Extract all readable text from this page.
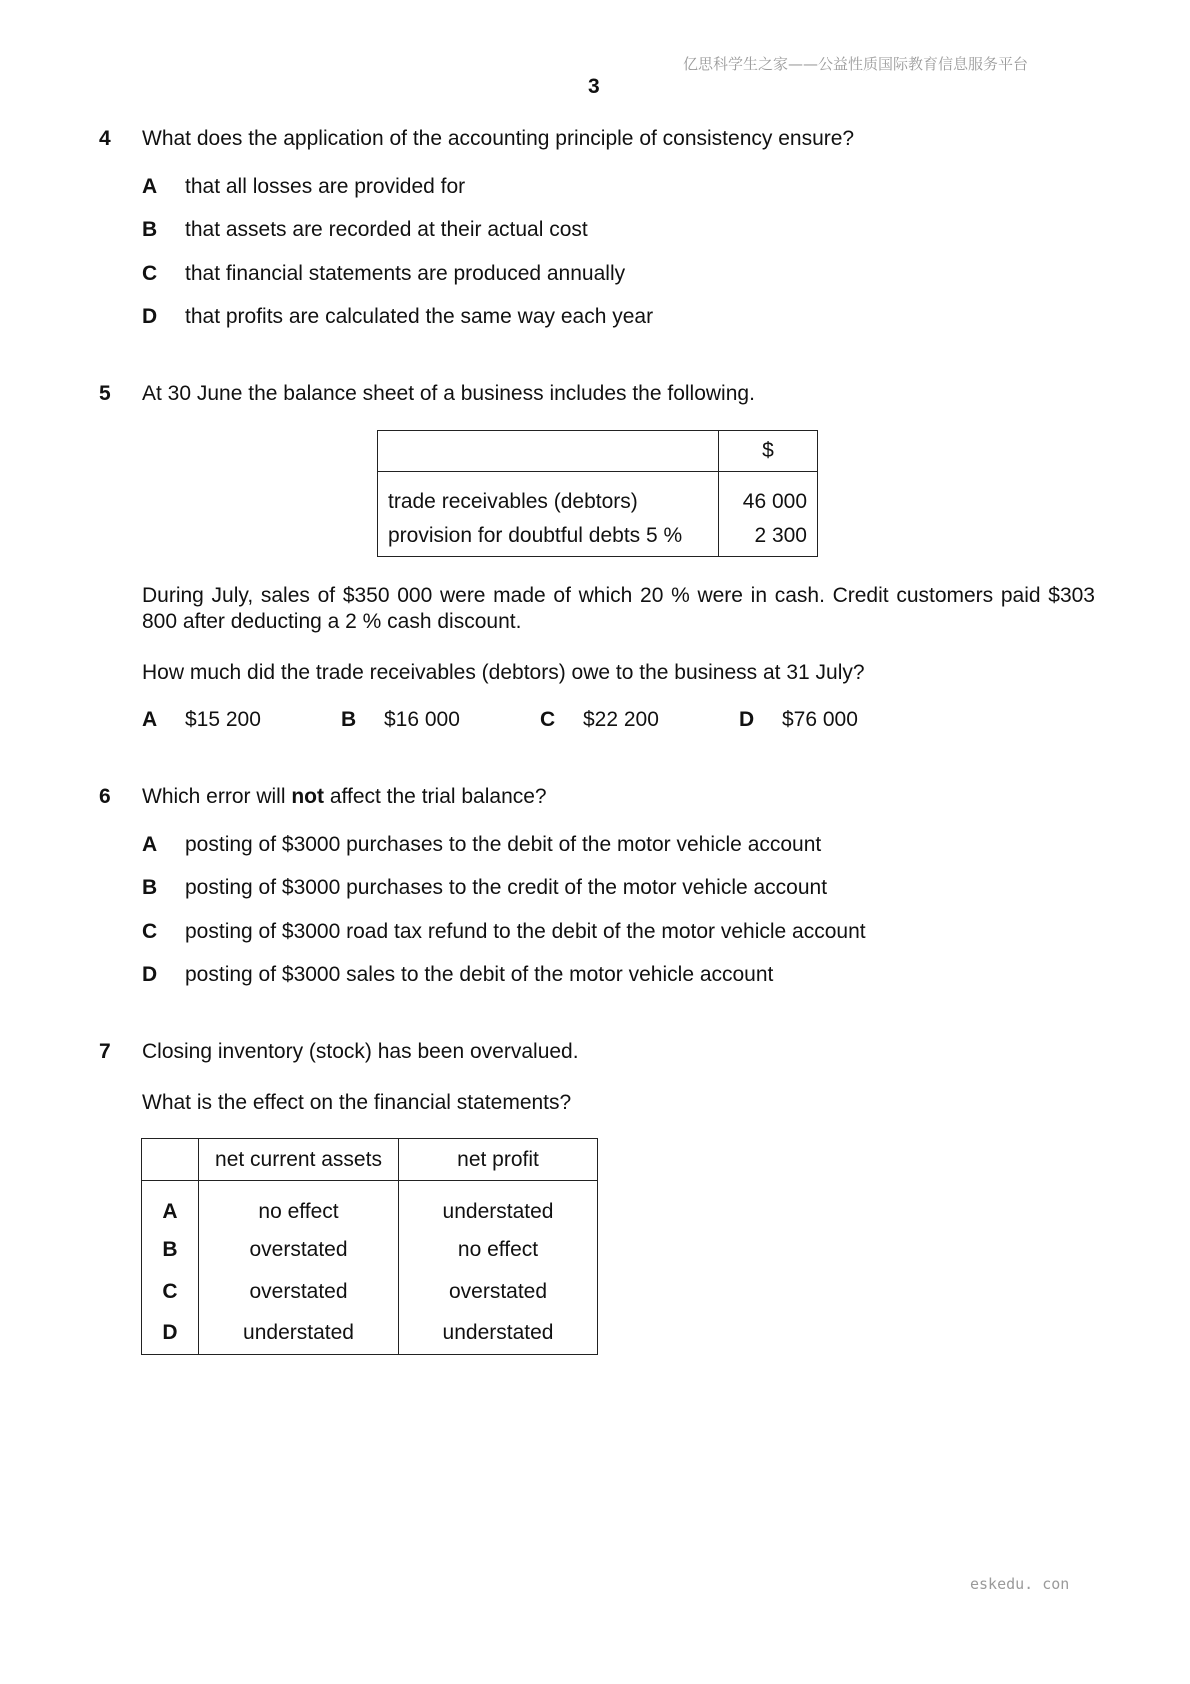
亿思科学生之家——公益性质国际教育信息服务平台
3
4 What does the application of the accounting principle of consistency ensure?
A that all losses are provided for
B that assets are recorded at their actual cost
C that financial statements are produced annually
D that profits are calculated the same way each year
5 At 30 June the balance sheet of a business includes the following.
	$
trade receivables (debtors)	46 000
provision for doubtful debts 5 %	2 300
During July, sales of $350 000 were made of which 20 % were in cash. Credit customers paid $303 800 after deducting a 2 % cash discount.
How much did the trade receivables (debtors) owe to the business at 31 July?
A $15 200	B $16 000	C $22 200	D $76 000
6 Which error will not affect the trial balance?
A posting of $3000 purchases to the debit of the motor vehicle account
B posting of $3000 purchases to the credit of the motor vehicle account
C posting of $3000 road tax refund to the debit of the motor vehicle account
D posting of $3000 sales to the debit of the motor vehicle account
7 Closing inventory (stock) has been overvalued.
What is the effect on the financial statements?
	net current assets	net profit
A	no effect	understated
B	overstated	no effect
C	overstated	overstated
D	understated	understated
eskedu. con
